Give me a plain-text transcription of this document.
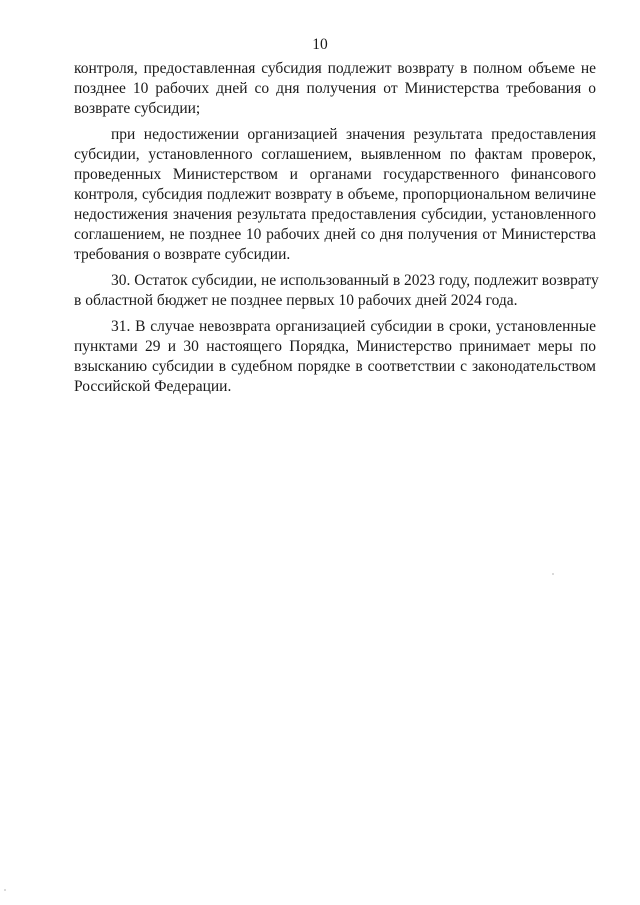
10
контроля, предоставленная субсидия подлежит возврату в полном объеме не
позднее 10 рабочих дней со дня получения от Министерства требования о
возврате субсидии;
при недостижении организацией значения результата предоставления
субсидии, установленного соглашением, выявленном по фактам проверок,
проведенных Министерством и органами государственного финансового
контроля, субсидия подлежит возврату в объеме, пропорциональном величине
недостижения значения результата предоставления субсидии, установленного
соглашением, не позднее 10 рабочих дней со дня получения от Министерства
требования о возврате субсидии.
30. Остаток субсидии, не использованный в 2023 году, подлежит возврату
в областной бюджет не позднее первых 10 рабочих дней 2024 года.
31. В случае невозврата организацией субсидии в сроки, установленные
пунктами 29 и 30 настоящего Порядка, Министерство принимает меры по
взысканию субсидии в судебном порядке в соответствии с законодательством
Российской Федерации.
